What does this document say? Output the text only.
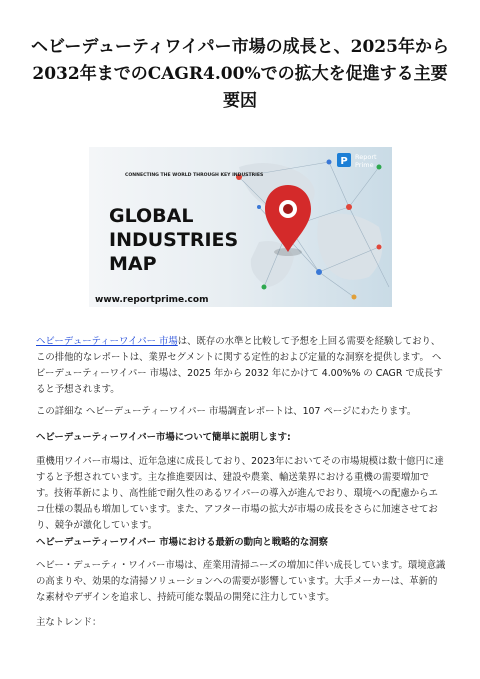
ヘビーデューティワイパー市場の成長と、2025年から2032年までのCAGR4.00%での拡大を促進する主要要因
P Report
Prime
CONNECTING THE WORLD THROUGH KEY INDUSTRIES
GLOBAL
INDUSTRIES
MAP
www.reportprime.com

ヘビーデューティーワイパー 市場は、既存の水準と比較して予想を上回る需要を経験しており、この排他的なレポートは、業界セグメントに関する定性的および定量的な洞察を提供します。 ヘビーデューティーワイパー 市場は、2025 年から 2032 年にかけて 4.00%% の CAGR で成長すると予想されます。

この詳細な ヘビーデューティーワイパー 市場調査レポートは、107 ページにわたります。

ヘビーデューティーワイパー市場について簡単に説明します:

重機用ワイパー市場は、近年急速に成長しており、2023年においてその市場規模は数十億円に達すると予想されています。主な推進要因は、建設や農業、輸送業界における重機の需要増加です。技術革新により、高性能で耐久性のあるワイパーの導入が進んでおり、環境への配慮からエコ仕様の製品も増加しています。また、アフター市場の拡大が市場の成長をさらに加速させており、競争が激化しています。

ヘビーデューティーワイパー 市場における最新の動向と戦略的な洞察

ヘビー・デューティ・ワイパー市場は、産業用清掃ニーズの増加に伴い成長しています。環境意識の高まりや、効果的な清掃ソリューションへの需要が影響しています。大手メーカーは、革新的な素材やデザインを追求し、持続可能な製品の開発に注力しています。

主なトレンド：
